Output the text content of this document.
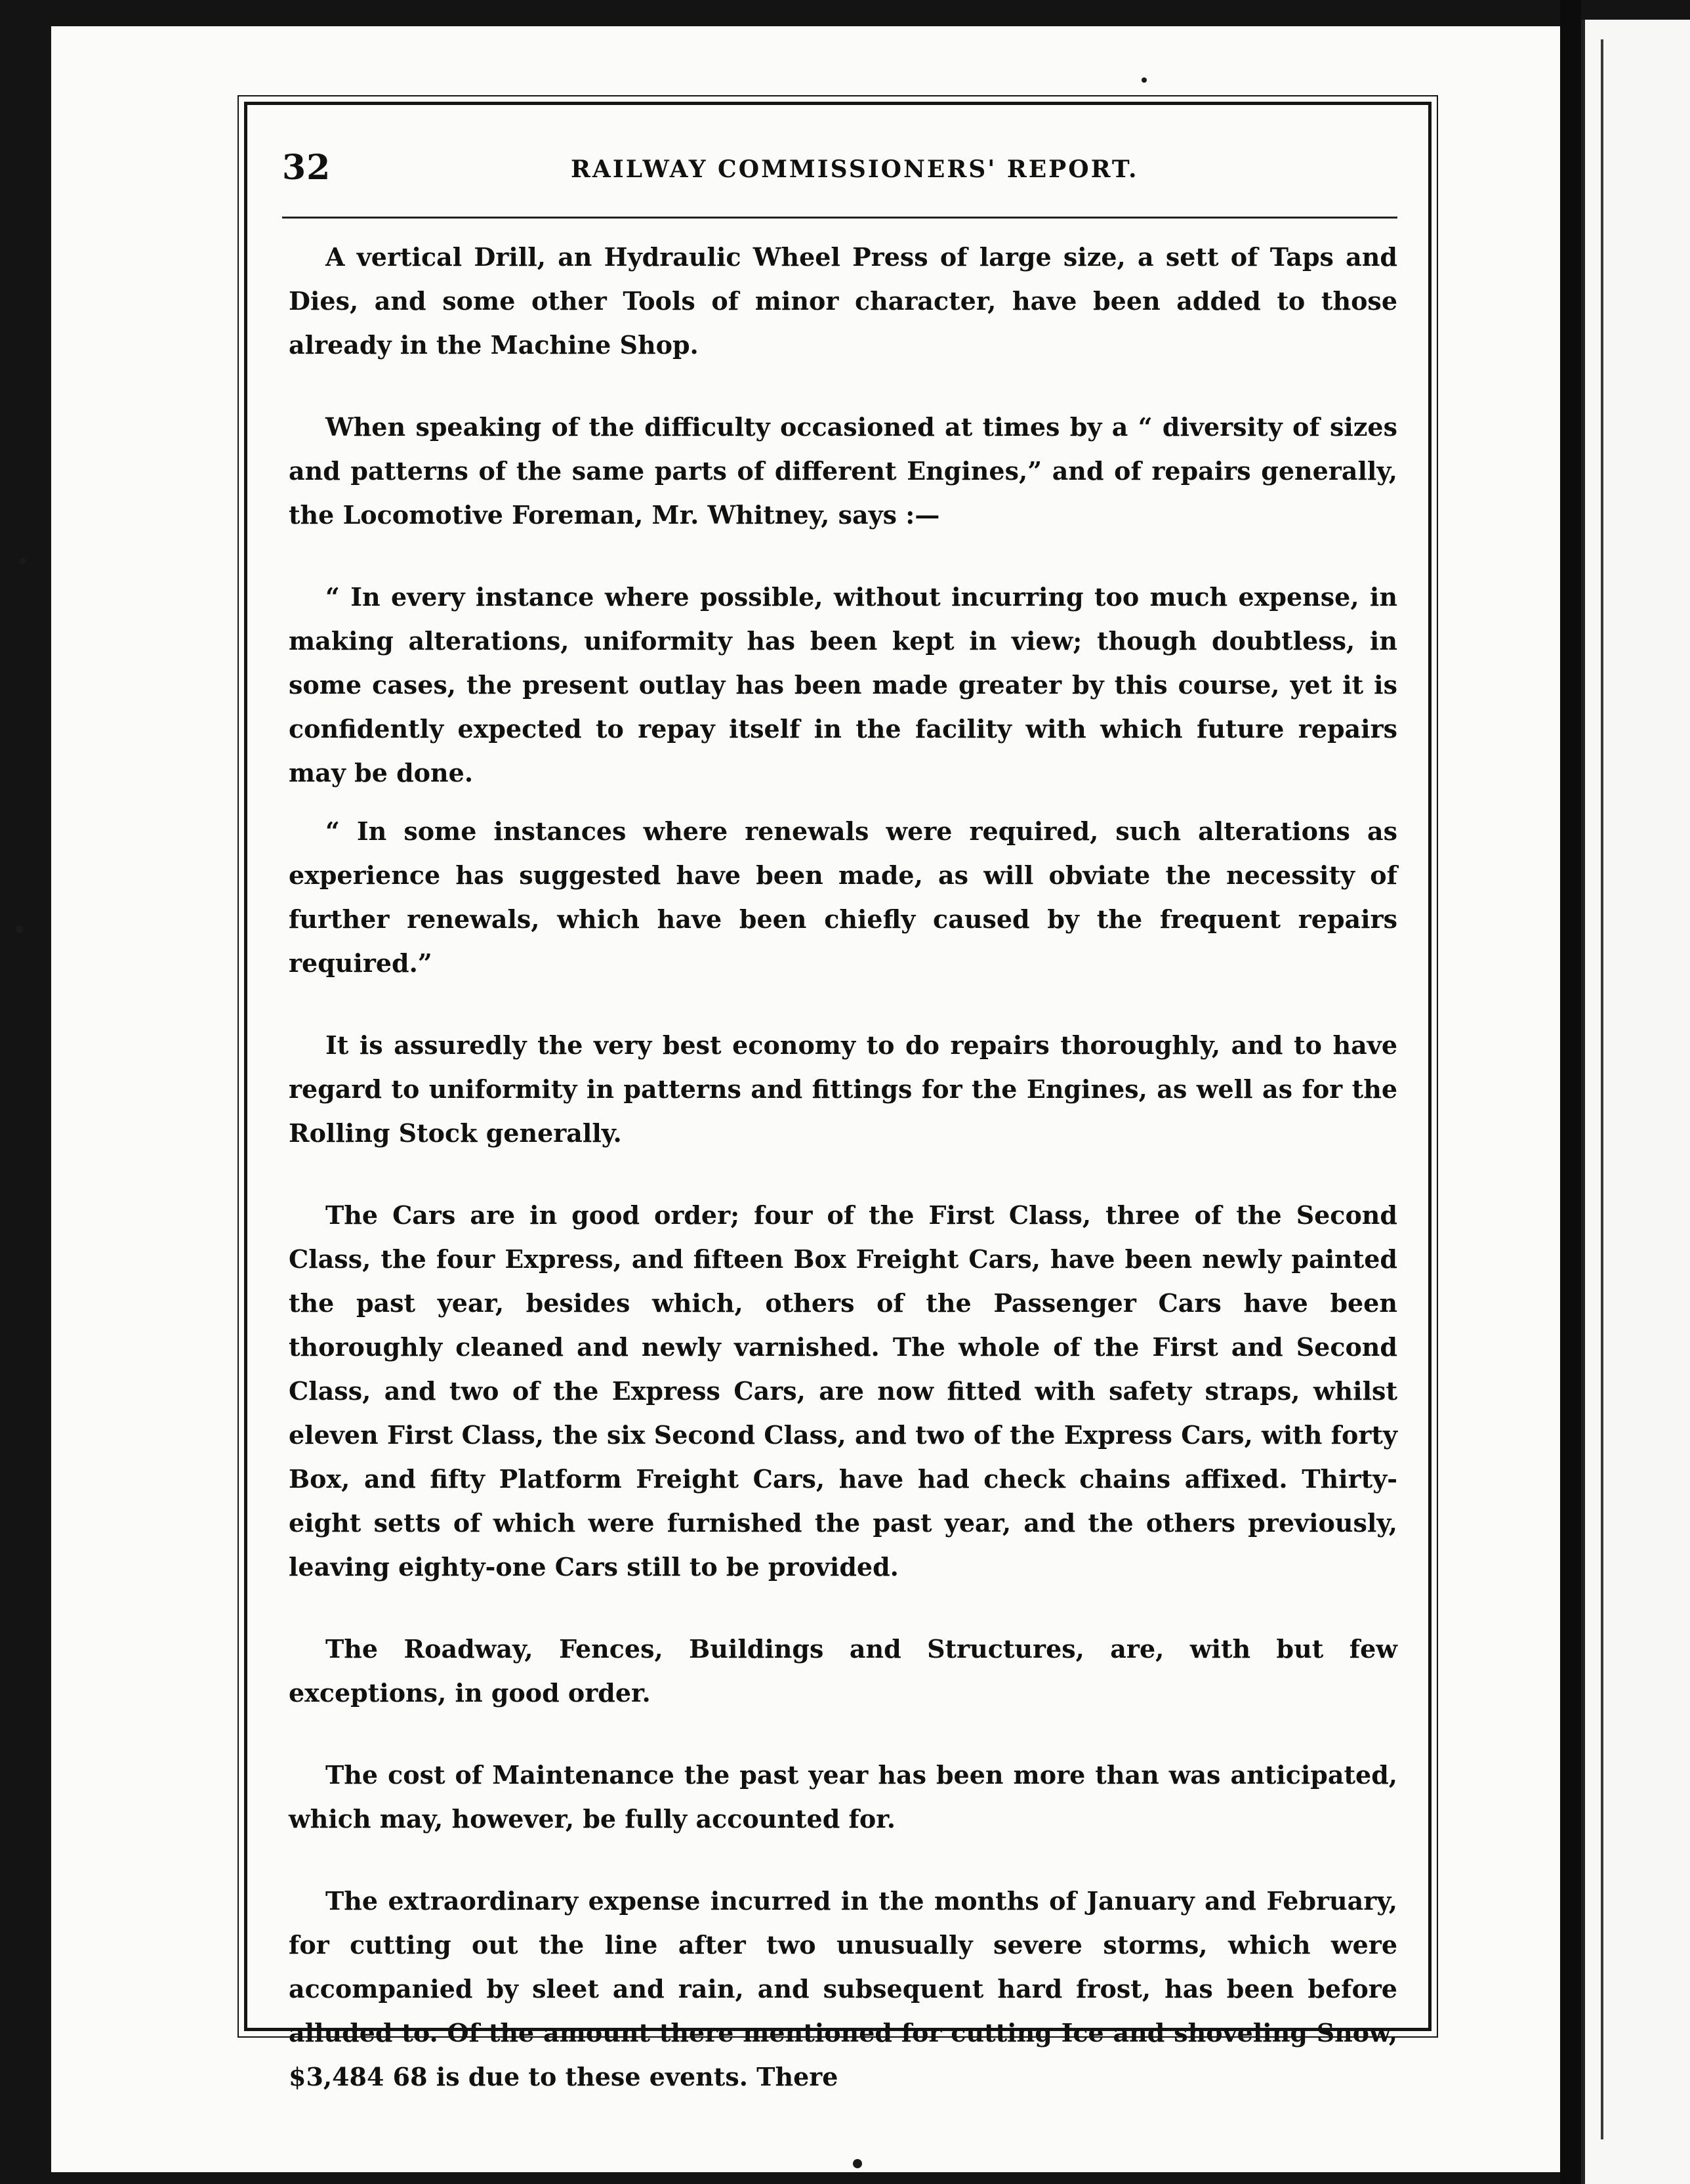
32	RAILWAY COMMISSIONERS' REPORT.

A vertical Drill, an Hydraulic Wheel Press of large size, a sett of Taps and Dies, and some other Tools of minor character, have been added to those already in the Machine Shop.

When speaking of the difficulty occasioned at times by a “ diversity of sizes and patterns of the same parts of different Engines,” and of repairs generally, the Locomotive Foreman, Mr. Whitney, says :—

“ In every instance where possible, without incurring too much expense, in making alterations, uniformity has been kept in view; though doubtless, in some cases, the present outlay has been made greater by this course, yet it is confidently expected to repay itself in the facility with which future repairs may be done.

“ In some instances where renewals were required, such alterations as experience has suggested have been made, as will obviate the necessity of further renewals, which have been chiefly caused by the frequent repairs required.”

It is assuredly the very best economy to do repairs thoroughly, and to have regard to uniformity in patterns and fittings for the Engines, as well as for the Rolling Stock generally.

The Cars are in good order; four of the First Class, three of the Second Class, the four Express, and fifteen Box Freight Cars, have been newly painted the past year, besides which, others of the Passenger Cars have been thoroughly cleaned and newly varnished. The whole of the First and Second Class, and two of the Express Cars, are now fitted with safety straps, whilst eleven First Class, the six Second Class, and two of the Express Cars, with forty Box, and fifty Platform Freight Cars, have had check chains affixed. Thirty-eight setts of which were furnished the past year, and the others previously, leaving eighty-one Cars still to be provided.

The Roadway, Fences, Buildings and Structures, are, with but few exceptions, in good order.

The cost of Maintenance the past year has been more than was anticipated, which may, however, be fully accounted for.

The extraordinary expense incurred in the months of January and February, for cutting out the line after two unusually severe storms, which were accompanied by sleet and rain, and subsequent hard frost, has been before alluded to. Of the amount there mentioned for cutting Ice and shoveling Snow, $3,484 68 is due to these events. There
